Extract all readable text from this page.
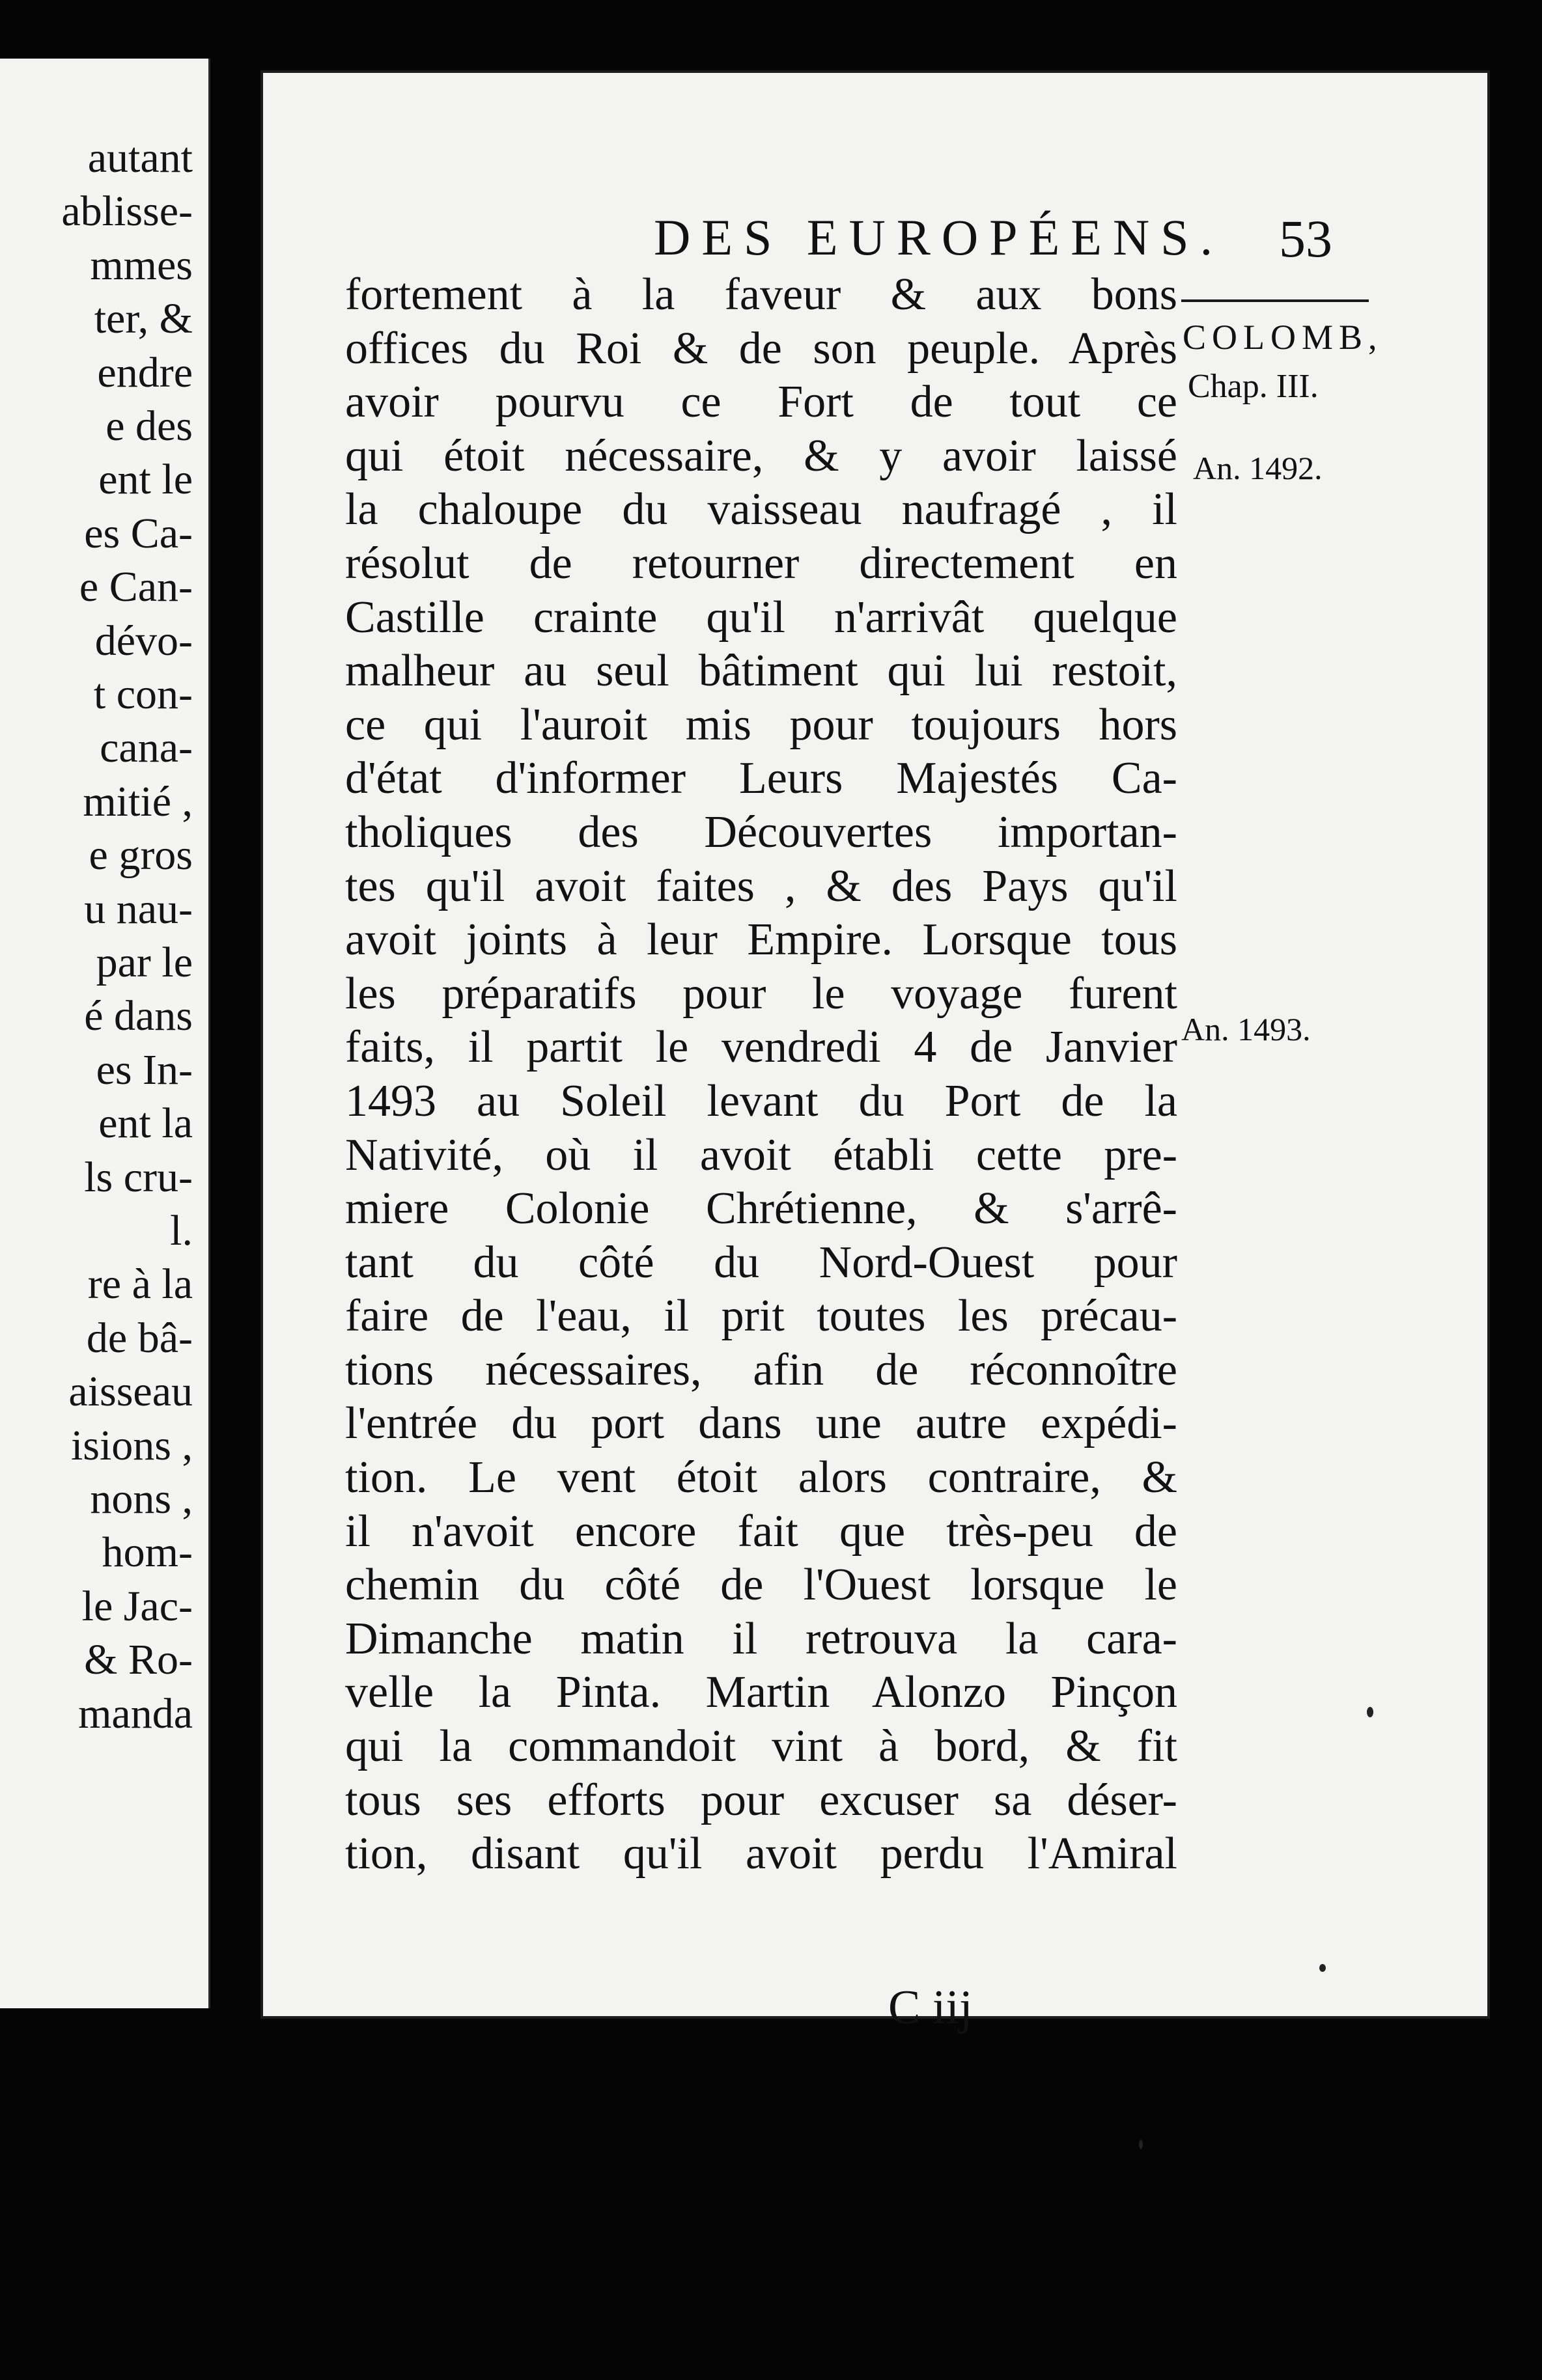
autant
ablisse-
mmes
ter, &
endre
e des
ent le
es Ca-
e Can-
dévo-
t con-
cana-
mitié ,
e gros
u nau-
par le
é dans
es In-
ent la
ls cru-
l.
re à la
de bâ-
aisseau
isions ,
nons ,
hom-
le Jac-
& Ro-
manda
DES EUROPÉENS. 53
COLOMB,
Chap. III.
An. 1492.
An. 1493.
fortement à la faveur & aux bons
offices du Roi & de son peuple. Après
avoir pourvu ce Fort de tout ce
qui étoit nécessaire, & y avoir laissé
la chaloupe du vaisseau naufragé , il
résolut de retourner directement en
Castille crainte qu'il n'arrivât quelque
malheur au seul bâtiment qui lui restoit,
ce qui l'auroit mis pour toujours hors
d'état d'informer Leurs Majestés Ca-
tholiques des Découvertes importan-
tes qu'il avoit faites , & des Pays qu'il
avoit joints à leur Empire. Lorsque tous
les préparatifs pour le voyage furent
faits, il partit le vendredi 4 de Janvier
1493 au Soleil levant du Port de la
Nativité, où il avoit établi cette pre-
miere Colonie Chrétienne, & s'arrê-
tant du côté du Nord-Ouest pour
faire de l'eau, il prit toutes les précau-
tions nécessaires, afin de réconnoître
l'entrée du port dans une autre expédi-
tion. Le vent étoit alors contraire, &
il n'avoit encore fait que très-peu de
chemin du côté de l'Ouest lorsque le
Dimanche matin il retrouva la cara-
velle la Pinta. Martin Alonzo Pinçon
qui la commandoit vint à bord, & fit
tous ses efforts pour excuser sa déser-
tion, disant qu'il avoit perdu l'Amiral
C iij
